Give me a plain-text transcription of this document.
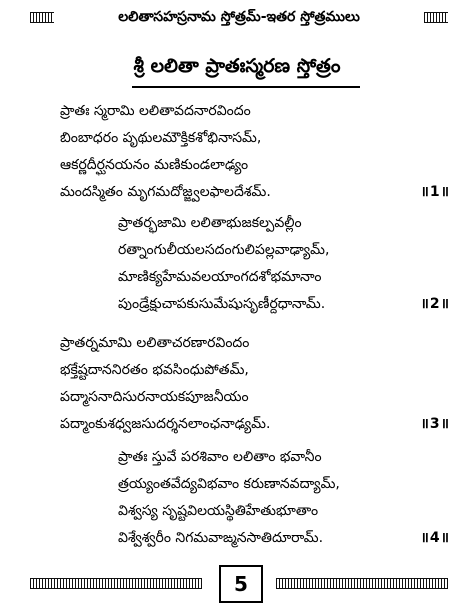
లలితాసహస్రనామ స్తోత్రమ్-ఇతర స్తోత్రములు
శ్రీ లలితా ప్రాతఃస్మరణ స్తోత్రం
ప్రాతః స్మరామి లలితావదనారవిందం
బింబాధరం పృథులమౌక్తికశోభినాసమ్,
ఆకర్ణదీర్ఘనయనం మణికుండలాఢ్యం
మందస్మితం మృగమదోజ్జ్వలఫాలదేశమ్.	॥1॥
ప్రాతర్భజామి లలితాభుజకల్పవల్లీం
రత్నాంగులీయలసదంగులిపల్లవాఢ్యామ్,
మాణిక్యహేమవలయాంగదశోభమానాం
పుండ్రేక్షుచాపకుసుమేషుసృణీర్దధానామ్.	॥2॥
ప్రాతర్నమామి లలితాచరణారవిందం
భక్తేష్టదాననిరతం భవసింధుపోతమ్,
పద్మాసనాదిసురనాయకపూజనీయం
పద్మాంకుశధ్వజసుదర్శనలాంఛనాఢ్యమ్.	॥3॥
ప్రాతః స్తువే పరశివాం లలితాం భవానీం
త్రయ్యంతవేద్యవిభవాం కరుణానవద్యామ్,
విశ్వస్య సృష్టవిలయస్థితిహేతుభూతాం
విశ్వేశ్వరీం నిగమవాఙ్మనసాతిదూరామ్.	॥4॥
5
